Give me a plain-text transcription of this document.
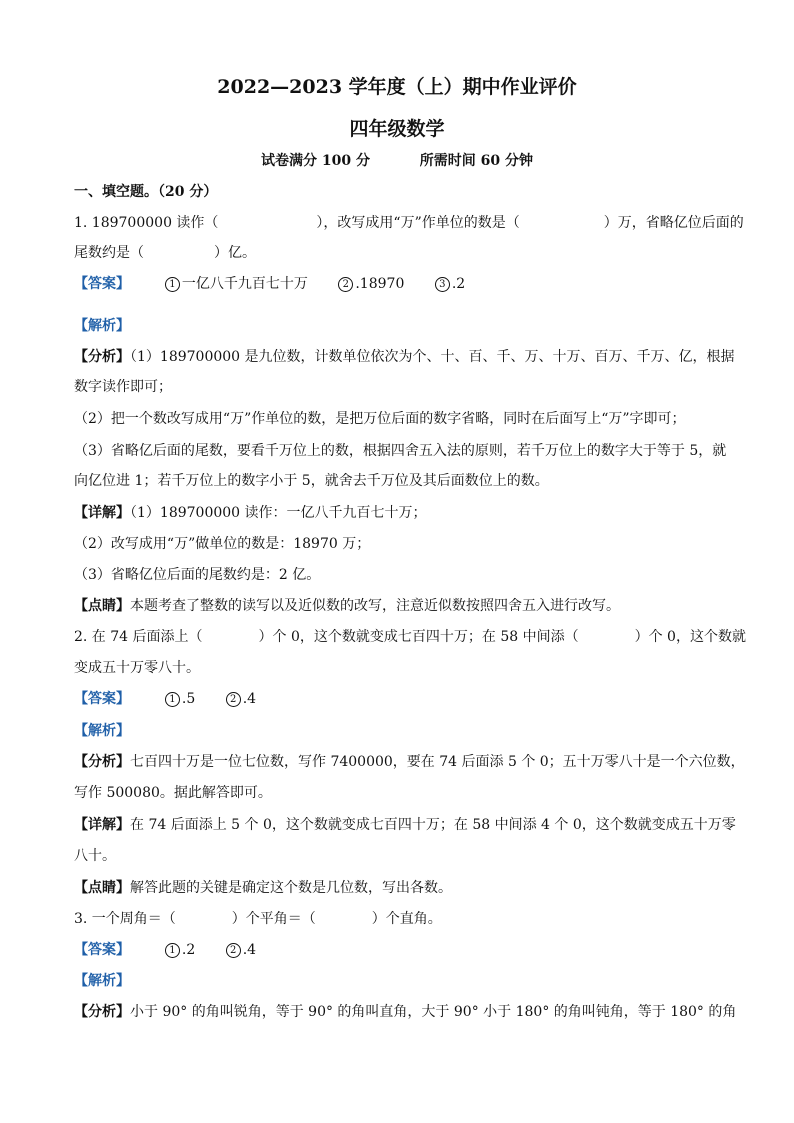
2022—2023 学年度（上）期中作业评价
四年级数学
试卷满分 100 分	所需时间 60 分钟
一、填空题。（20 分）
1. 189700000 读作（　　　　　　　），改写成用“万”作单位的数是（　　　　　　）万，省略亿位后面的
尾数约是（　　　　　）亿。
【答案】	1 一亿八千九百七十万	2 .18970	3 .2
【解析】
【分析】（1）189700000 是九位数，计数单位依次为个、十、百、千、万、十万、百万、千万、亿，根据
数字读作即可；
（2）把一个数改写成用“万”作单位的数，是把万位后面的数字省略，同时在后面写上“万”字即可；
（3）省略亿后面的尾数，要看千万位上的数，根据四舍五入法的原则，若千万位上的数字大于等于 5，就
向亿位进 1；若千万位上的数字小于 5，就舍去千万位及其后面数位上的数。
【详解】（1）189700000 读作：一亿八千九百七十万；
（2）改写成用“万”做单位的数是：18970 万；
（3）省略亿位后面的尾数约是：2 亿。
【点睛】本题考查了整数的读写以及近似数的改写，注意近似数按照四舍五入进行改写。
2. 在 74 后面添上（　　　　）个 0，这个数就变成七百四十万；在 58 中间添（　　　　）个 0，这个数就
变成五十万零八十。
【答案】	1 .5	2 .4
【解析】
【分析】七百四十万是一位七位数，写作 7400000，要在 74 后面添 5 个 0；五十万零八十是一个六位数，
写作 500080。据此解答即可。
【详解】在 74 后面添上 5 个 0，这个数就变成七百四十万；在 58 中间添 4 个 0，这个数就变成五十万零
八十。
【点睛】解答此题的关键是确定这个数是几位数，写出各数。
3. 一个周角＝（　　　　）个平角＝（　　　　）个直角。
【答案】	1 .2	2 .4
【解析】
【分析】小于 90° 的角叫锐角，等于 90° 的角叫直角，大于 90° 小于 180° 的角叫钝角，等于 180° 的角
